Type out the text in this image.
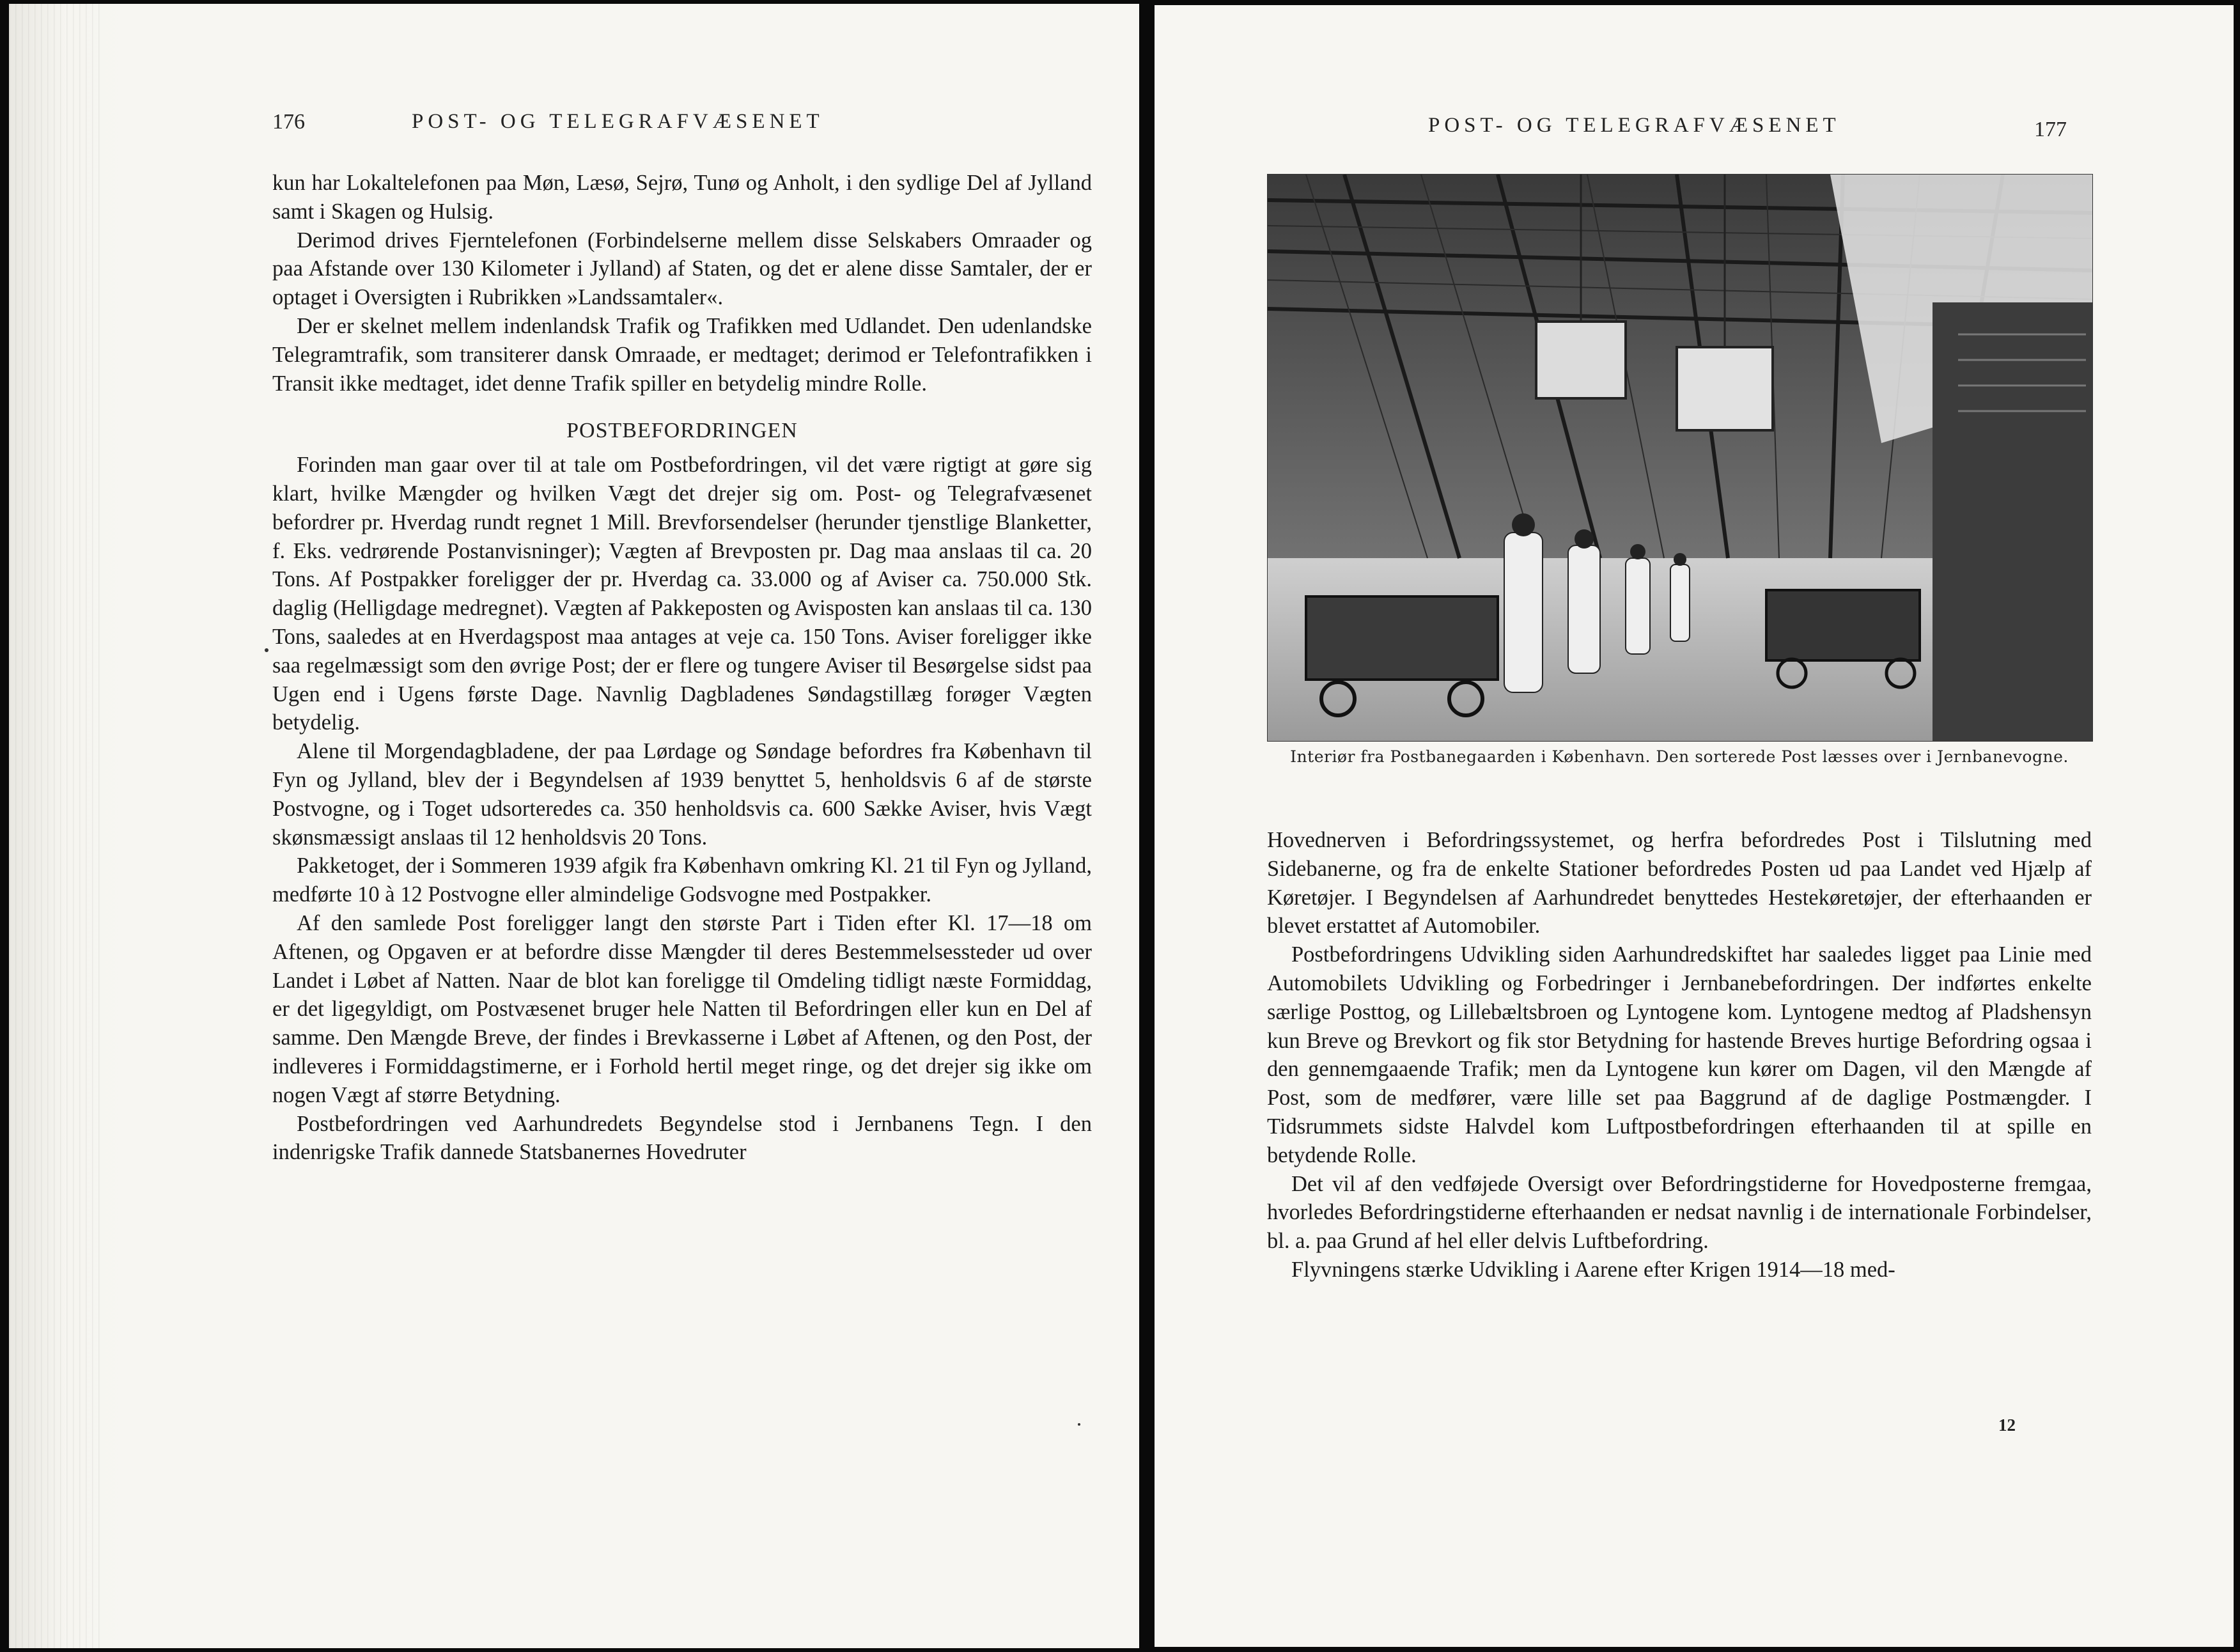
176	POST- OG TELEGRAFVÆSENET

kun har Lokaltelefonen paa Møn, Læsø, Sejrø, Tunø og Anholt, i den sydlige Del af Jylland samt i Skagen og Hulsig.

Derimod drives Fjerntelefonen (Forbindelserne mellem disse Selskabers Omraader og paa Afstande over 130 Kilometer i Jylland) af Staten, og det er alene disse Samtaler, der er optaget i Oversigten i Rubrikken »Landssamtaler«.

Der er skelnet mellem indenlandsk Trafik og Trafikken med Udlandet. Den udenlandske Telegramtrafik, som transiterer dansk Omraade, er medtaget; derimod er Telefontrafikken i Transit ikke medtaget, idet denne Trafik spiller en betydelig mindre Rolle.

POSTBEFORDRINGEN

Forinden man gaar over til at tale om Postbefordringen, vil det være rigtigt at gøre sig klart, hvilke Mængder og hvilken Vægt det drejer sig om. Post- og Telegrafvæsenet befordrer pr. Hverdag rundt regnet 1 Mill. Brevforsendelser (herunder tjenstlige Blanketter, f. Eks. vedrørende Postanvisninger); Vægten af Brevposten pr. Dag maa anslaas til ca. 20 Tons. Af Postpakker foreligger der pr. Hverdag ca. 33.000 og af Aviser ca. 750.000 Stk. daglig (Helligdage medregnet). Vægten af Pakkeposten og Avisposten kan anslaas til ca. 130 Tons, saaledes at en Hverdagspost maa antages at veje ca. 150 Tons. Aviser foreligger ikke saa regelmæssigt som den øvrige Post; der er flere og tungere Aviser til Besørgelse sidst paa Ugen end i Ugens første Dage. Navnlig Dagbladenes Søndagstillæg forøger Vægten betydelig.

Alene til Morgendagbladene, der paa Lørdage og Søndage befordres fra København til Fyn og Jylland, blev der i Begyndelsen af 1939 benyttet 5, henholdsvis 6 af de største Postvogne, og i Toget udsorteredes ca. 350 henholdsvis ca. 600 Sække Aviser, hvis Vægt skønsmæssigt anslaas til 12 henholdsvis 20 Tons.

Pakketoget, der i Sommeren 1939 afgik fra København omkring Kl. 21 til Fyn og Jylland, medførte 10 à 12 Postvogne eller almindelige Godsvogne med Postpakker.

Af den samlede Post foreligger langt den største Part i Tiden efter Kl. 17—18 om Aftenen, og Opgaven er at befordre disse Mængder til deres Bestemmelsessteder ud over Landet i Løbet af Natten. Naar de blot kan foreligge til Omdeling tidligt næste Formiddag, er det ligegyldigt, om Postvæsenet bruger hele Natten til Befordringen eller kun en Del af samme. Den Mængde Breve, der findes i Brevkasserne i Løbet af Aftenen, og den Post, der indleveres i Formiddagstimerne, er i Forhold hertil meget ringe, og det drejer sig ikke om nogen Vægt af større Betydning.

Postbefordringen ved Aarhundredets Begyndelse stod i Jernbanens Tegn. I den indenrigske Trafik dannede Statsbanernes Hovedruter

POST- OG TELEGRAFVÆSENET	177
Interiør fra Postbanegaarden i København. Den sorterede Post læsses over i Jernbanevogne.

Hovednerven i Befordringssystemet, og herfra befordredes Post i Tilslutning med Sidebanerne, og fra de enkelte Stationer befordredes Posten ud paa Landet ved Hjælp af Køretøjer. I Begyndelsen af Aarhundredet benyttedes Hestekøretøjer, der efterhaanden er blevet erstattet af Automobiler.

Postbefordringens Udvikling siden Aarhundredskiftet har saaledes ligget paa Linie med Automobilets Udvikling og Forbedringer i Jernbanebefordringen. Der indførtes enkelte særlige Posttog, og Lillebæltsbroen og Lyntogene kom. Lyntogene medtog af Pladshensyn kun Breve og Brevkort og fik stor Betydning for hastende Breves hurtige Befordring ogsaa i den gennemgaaende Trafik; men da Lyntogene kun kører om Dagen, vil den Mængde af Post, som de medfører, være lille set paa Baggrund af de daglige Postmængder. I Tidsrummets sidste Halvdel kom Luftpostbefordringen efterhaanden til at spille en betydende Rolle.

Det vil af den vedføjede Oversigt over Befordringstiderne for Hovedposterne fremgaa, hvorledes Befordringstiderne efterhaanden er nedsat navnlig i de internationale Forbindelser, bl. a. paa Grund af hel eller delvis Luftbefordring.

Flyvningens stærke Udvikling i Aarene efter Krigen 1914—18 med-

12
